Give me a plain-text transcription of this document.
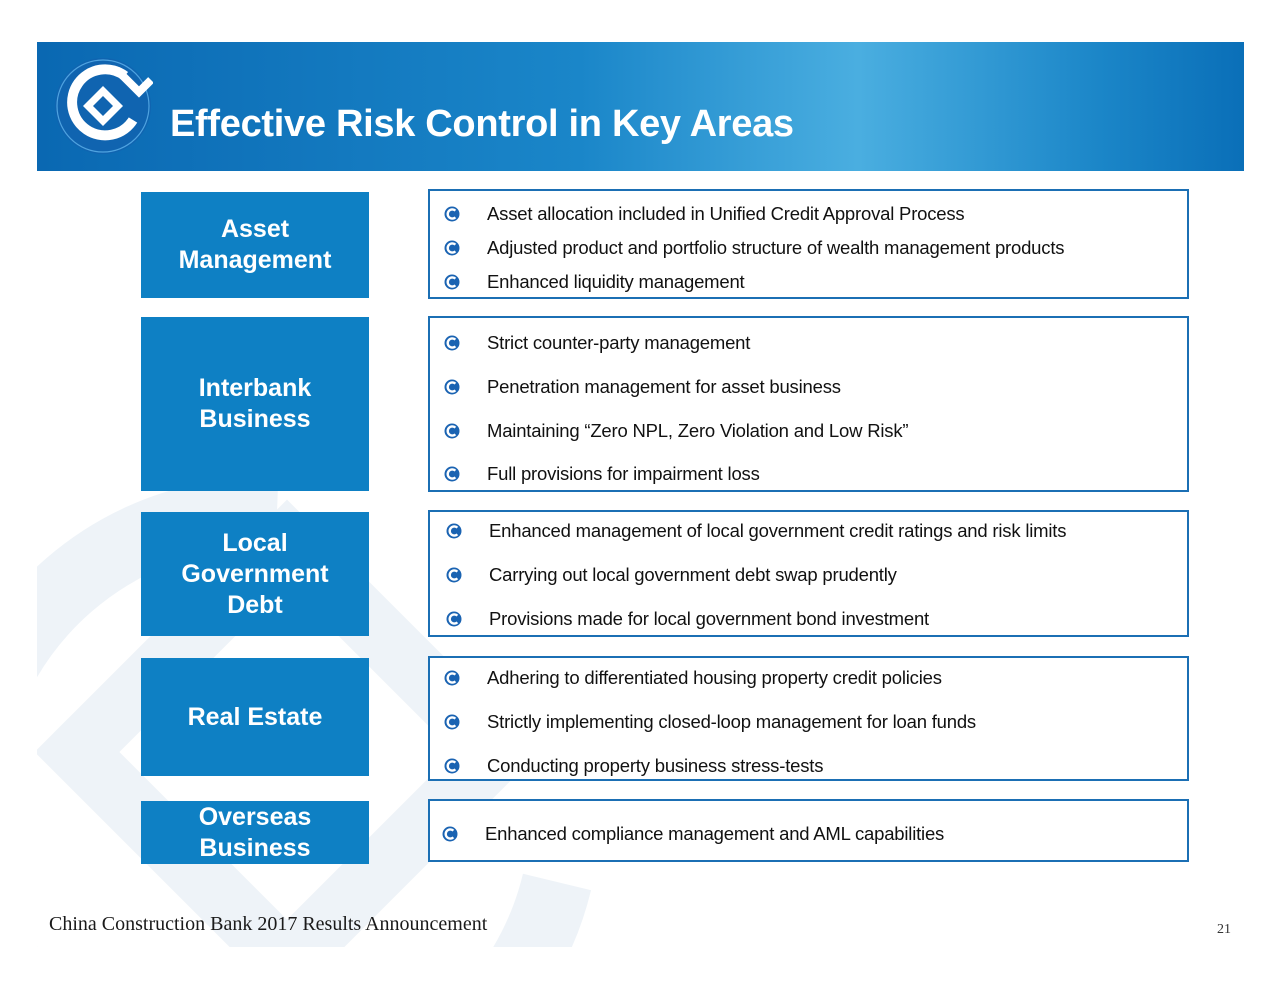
Effective Risk Control in Key Areas
Asset
Management
Asset allocation included in Unified Credit Approval Process
Adjusted product and portfolio structure of wealth management products
Enhanced liquidity management
Interbank
Business
Strict counter-party management
Penetration management for asset business
Maintaining “Zero NPL, Zero Violation and Low Risk”
Full provisions for impairment loss
Local
Government
Debt
Enhanced management of local government credit ratings and risk limits
Carrying out local government debt swap prudently
Provisions made for local government bond investment
Real Estate
Adhering to differentiated housing property credit policies
Strictly implementing closed-loop management for loan funds
Conducting property business stress-tests
Overseas
Business	Enhanced compliance management and AML capabilities
China Construction Bank 2017 Results Announcement	21
